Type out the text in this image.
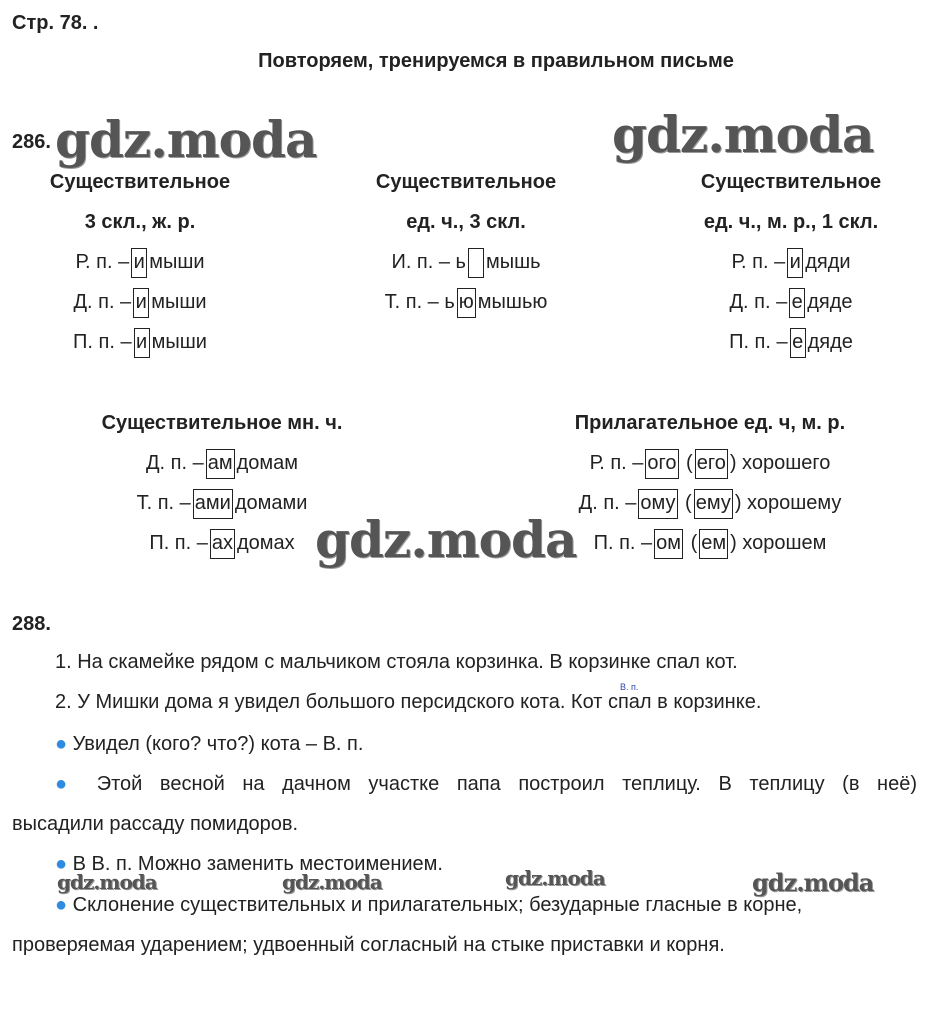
Стр. 78. .
Повторяем, тренируемся в правильном письме
286. gdz.moda	gdz.moda
gdz.moda
Существительное
3 скл., ж. р.
Р. п. – и мыши
Д. п. – и мыши
П. п. – и мыши
Существительное
ед. ч., 3 скл.
И. п. – ь мышь
Т. п. – ь ю мышью
Существительное
ед. ч., м. р., 1 скл.
Р. п. – и дяди
Д. п. – е дяде
П. п. – е дяде
Существительное мн. ч.
Д. п. – ам домам
Т. п. – ами домами
П. п. – ах домах
Прилагательное ед. ч, м. р.
Р. п. – ого ( его ) хорошего
Д. п. – ому ( ему ) хорошему
П. п. – ом ( ем ) хорошем
288.
1. На скамейке рядом с мальчиком стояла корзинка. В корзинке спал кот.
В. п.
2. У Мишки дома я увидел большого персидского кота. Кот спал в корзинке.
● Увидел (кого? что?) кота – В. п.
● Этой весной на дачном участке папа построил теплицу. В теплицу (в неё)
высадили рассаду помидоров.
● В В. п. Можно заменить местоимением.
gdz.moda	gdz.moda	gdz.moda	gdz.moda
● Склонение существительных и прилагательных; безударные гласные в корне,
проверяемая ударением; удвоенный согласный на стыке приставки и корня.
